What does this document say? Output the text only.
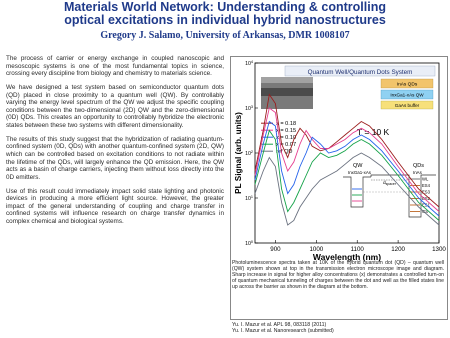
Materials World Network: Understanding & controlling
optical excitations in individual hybrid nanostructures
Gregory J. Salamo, University of Arkansas, DMR 1008107

The process of carrier or energy exchange in coupled nanoscopic and mesoscopic systems is one of the most fundamental topics in science, crossing every discipline from biology and chemistry to materials science.

We have designed a test system based on semiconductor quantum dots (QD) placed in close proximity to a quantum well (QW). By controllably varying the energy level spectrum of the QW we adjust the specific coupling conditions between the two-dimensional (2D) QW and the zero-dimensional (0D) QDs. This creates an opportunity to controllably hybridize the electronic states between these two systems with different dimensionality.

The results of this study suggest that the hybridization of radiating quantum-confined system (0D, QDs) with another quantum-confined system (2D, QW) which can be controlled based on excitation conditions to not radiate within the lifetime of the QDs, will largely enhance the QD emission. Here, the QW acts as a basin of charge carriers, injecting them without loss directly into the 0D emitters.

Use of this result could immediately impact solid state lighting and photonic devices in producing a more efficient light source. However, the greater impact of the general understanding of coupling and charge transfer in confined systems will influence research on charge transfer dynamics in complex chemical and biological systems.

Quantum Well/Quantum Dots System
InAs QDs
InxGa1-xAs QW
GaAs buffer
x = 0.18
x = 0.15
x = 0.10
x = 0.07
ref QD
T = 10 K
QW
InxGa1-xAs
QDs
InAs
$d_{spacer}$
WL
ES4
ES3
ES2
ES1
GS
$10^0$
$10^1$
$10^2$
$10^3$
$10^4$
900	1000	1100	1200	1300
PL Signal (arb. units)
Wavelength (nm)
Photoluminescence spectra taken at 10K of the hybrid quantum dot (QD) – quantum well (QW) system shown at top in the transmission electron microscope image and diagram. Sharp increase in signal for higher alloy concentrations (x) demonstrates a controlled turn-on of quantum mechanical tunneling of charges between the dot and well as the filled states line up across the barrier as shown in the diagram at the bottom.
Yu. I. Mazur et al. APL 98, 083118 (2011)
Yu. I. Mazur et al. Nanoresearch (submitted)
